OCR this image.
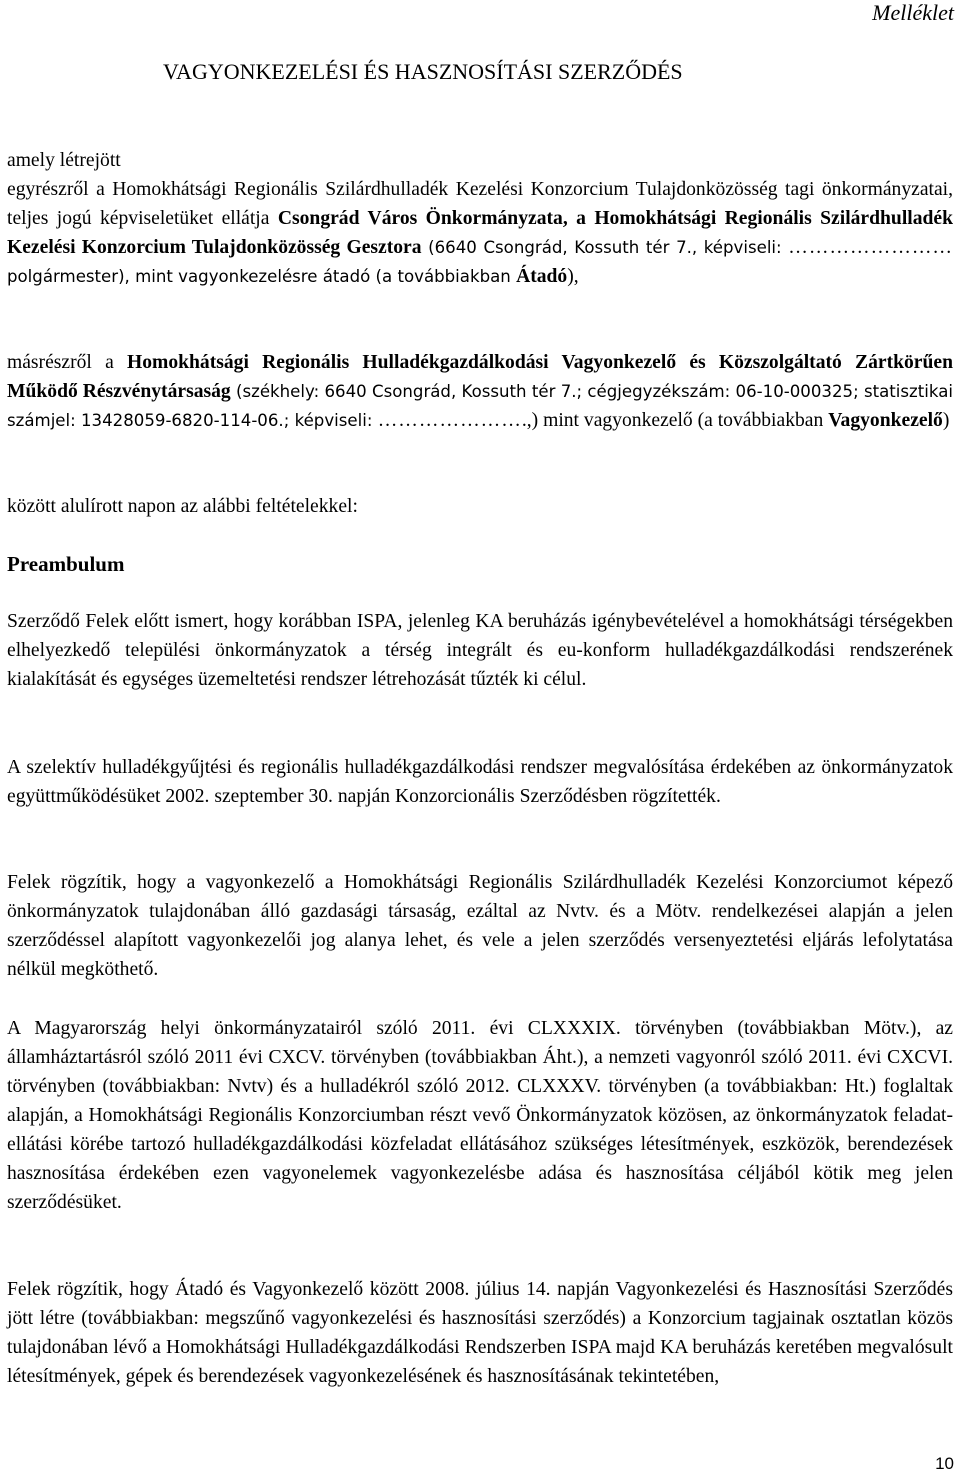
Melléklet
VAGYONKEZELÉSI ÉS HASZNOSÍTÁSI SZERZŐDÉS

amely létrejött
egyrészről a Homokhátsági Regionális Szilárdhulladék Kezelési Konzorcium Tulajdonközösség tagi önkormányzatai, teljes jogú képviseletüket ellátja Csongrád Város Önkormányzata, a Homokhátsági Regionális Szilárdhulladék Kezelési Konzorcium Tulajdonközösség Gesztora (6640 Csongrád, Kossuth tér 7., képviseli: …………………… polgármester), mint vagyonkezelésre átadó (a továbbiakban Átadó),

másrészről a Homokhátsági Regionális Hulladékgazdálkodási Vagyonkezelő és Közszolgáltató Zártkörűen Működő Részvénytársaság (székhely: 6640 Csongrád, Kossuth tér 7.; cégjegyzékszám: 06-10-000325; statisztikai számjel: 13428059-6820-114-06.; képviseli: ………………….,) mint vagyonkezelő (a továbbiakban Vagyonkezelő)

között alulírott napon az alábbi feltételekkel:

Preambulum

Szerződő Felek előtt ismert, hogy korábban ISPA, jelenleg KA beruházás igénybevételével a homokhátsági térségekben elhelyezkedő települési önkormányzatok a térség integrált és eu-konform hulladékgazdálkodási rendszerének kialakítását és egységes üzemeltetési rendszer létrehozását tűzték ki célul.

A szelektív hulladékgyűjtési és regionális hulladékgazdálkodási rendszer megvalósítása érdekében az önkormányzatok együttműködésüket 2002. szeptember 30. napján Konzorcionális Szerződésben rögzítették.

Felek rögzítik, hogy a vagyonkezelő a Homokhátsági Regionális Szilárdhulladék Kezelési Konzorciumot képező önkormányzatok tulajdonában álló gazdasági társaság, ezáltal az Nvtv. és a Mötv. rendelkezései alapján a jelen szerződéssel alapított vagyonkezelői jog alanya lehet, és vele a jelen szerződés versenyeztetési eljárás lefolytatása nélkül megköthető.

A Magyarország helyi önkormányzatairól szóló 2011. évi CLXXXIX. törvényben (továbbiakban Mötv.), az államháztartásról szóló 2011 évi CXCV. törvényben (továbbiakban Áht.), a nemzeti vagyonról szóló 2011. évi CXCVI. törvényben (továbbiakban: Nvtv) és a hulladékról szóló 2012. CLXXXV. törvényben (a továbbiakban: Ht.) foglaltak alapján, a Homokhátsági Regionális Konzorciumban részt vevő Önkormányzatok közösen, az önkormányzatok feladat-ellátási körébe tartozó hulladékgazdálkodási közfeladat ellátásához szükséges létesítmények, eszközök, berendezések hasznosítása érdekében ezen vagyonelemek vagyonkezelésbe adása és hasznosítása céljából kötik meg jelen szerződésüket.

Felek rögzítik, hogy Átadó és Vagyonkezelő között 2008. július 14. napján Vagyonkezelési és Hasznosítási Szerződés jött létre (továbbiakban: megszűnő vagyonkezelési és hasznosítási szerződés) a Konzorcium tagjainak osztatlan közös tulajdonában lévő a Homokhátsági Hulladékgazdálkodási Rendszerben ISPA majd KA beruházás keretében megvalósult létesítmények, gépek és berendezések vagyonkezelésének és hasznosításának tekintetében,

10
